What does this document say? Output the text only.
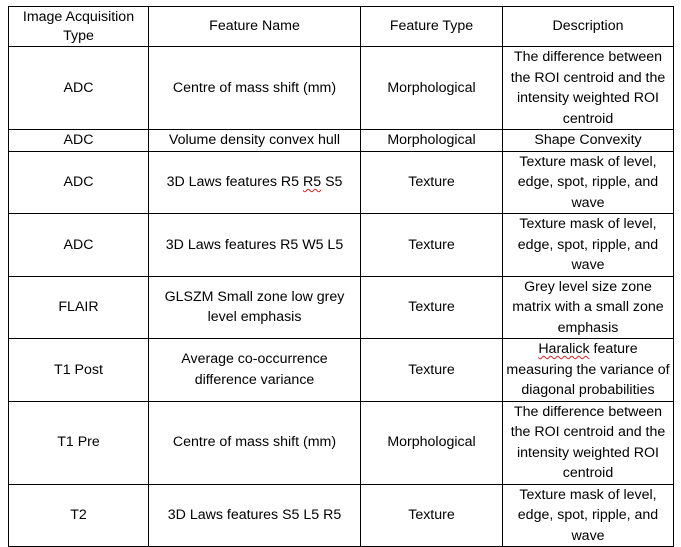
Image Acquisition Type	Feature Name	Feature Type	Description
ADC	Centre of mass shift (mm)	Morphological	The difference between the ROI centroid and the intensity weighted ROI centroid
ADC	Volume density convex hull	Morphological	Shape Convexity
ADC	3D Laws features R5 R5 S5	Texture	Texture mask of level, edge, spot, ripple, and wave
ADC	3D Laws features R5 W5 L5	Texture	Texture mask of level, edge, spot, ripple, and wave
FLAIR	GLSZM Small zone low grey level emphasis	Texture	Grey level size zone matrix with a small zone emphasis
T1 Post	Average co-occurrence difference variance	Texture	Haralick feature measuring the variance of diagonal probabilities
T1 Pre	Centre of mass shift (mm)	Morphological	The difference between the ROI centroid and the intensity weighted ROI centroid
T2	3D Laws features S5 L5 R5	Texture	Texture mask of level, edge, spot, ripple, and wave
